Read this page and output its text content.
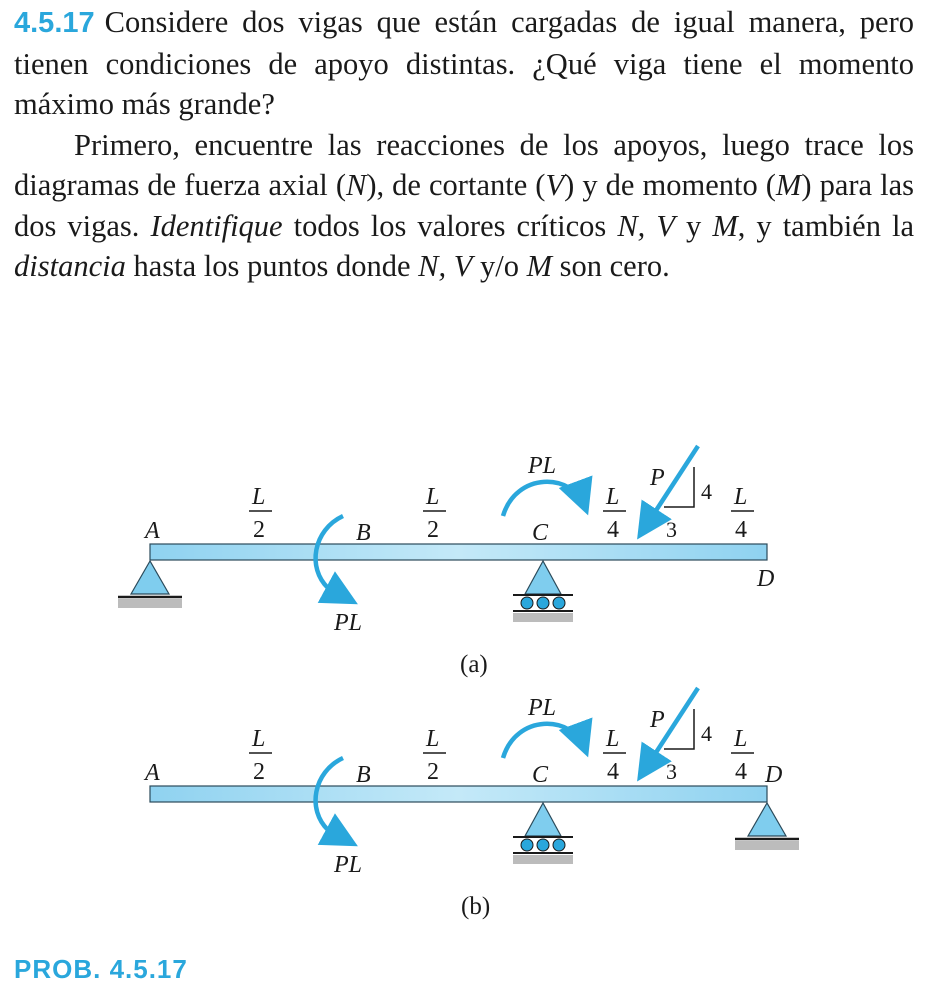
4.5.17 Considere dos vigas que están cargadas de igual manera, pero tienen condiciones de apoyo distintas. ¿Qué viga tiene el momento máximo más grande?

Primero, encuentre las reacciones de los apoyos, luego trace los diagramas de fuerza axial (N), de cortante (V) y de momento (M) para las dos vigas. Identifique todos los valores críticos N, V y M, y también la distancia hasta los puntos donde N, V y/o M son cero.

A	B	C
D
L
2
L
2
L
4
L
4
PL
PL	P
4
3
(a)
A	B	C	D
L
2
L
2
L
4
L
4
PL
PL	P
4
3
(b)
PROB. 4.5.17
